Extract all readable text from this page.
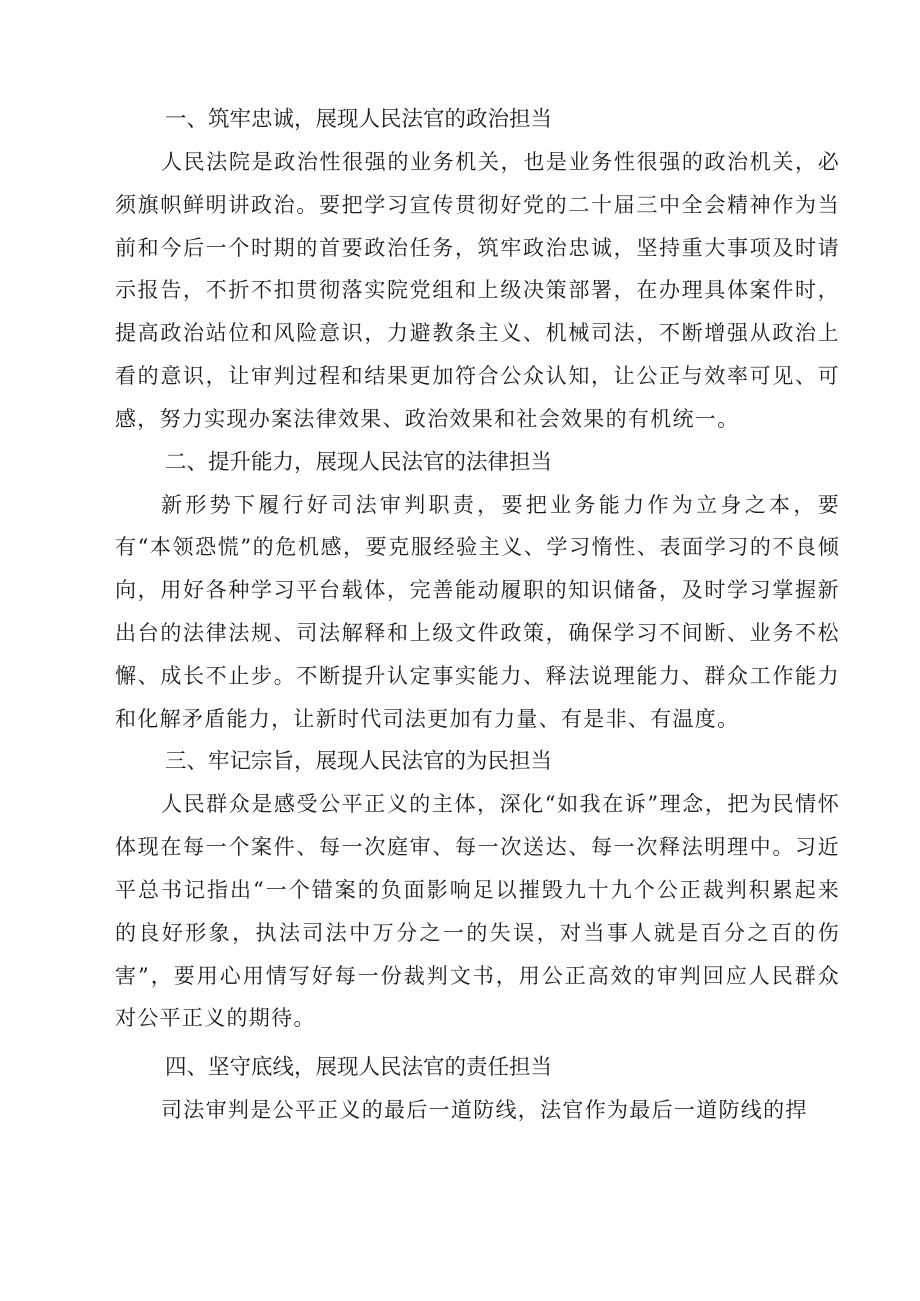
一、筑牢忠诚，展现人民法官的政治担当

人民法院是政治性很强的业务机关，也是业务性很强的政治机关，必须旗帜鲜明讲政治。要把学习宣传贯彻好党的二十届三中全会精神作为当前和今后一个时期的首要政治任务，筑牢政治忠诚，坚持重大事项及时请示报告，不折不扣贯彻落实院党组和上级决策部署，在办理具体案件时，提高政治站位和风险意识，力避教条主义、机械司法，不断增强从政治上看的意识，让审判过程和结果更加符合公众认知，让公正与效率可见、可感，努力实现办案法律效果、政治效果和社会效果的有机统一。

二、提升能力，展现人民法官的法律担当

新形势下履行好司法审判职责，要把业务能力作为立身之本，要有“本领恐慌”的危机感，要克服经验主义、学习惰性、表面学习的不良倾向，用好各种学习平台载体，完善能动履职的知识储备，及时学习掌握新出台的法律法规、司法解释和上级文件政策，确保学习不间断、业务不松懈、成长不止步。不断提升认定事实能力、释法说理能力、群众工作能力和化解矛盾能力，让新时代司法更加有力量、有是非、有温度。

三、牢记宗旨，展现人民法官的为民担当

人民群众是感受公平正义的主体，深化“如我在诉”理念，把为民情怀体现在每一个案件、每一次庭审、每一次送达、每一次释法明理中。习近平总书记指出“一个错案的负面影响足以摧毁九十九个公正裁判积累起来的良好形象，执法司法中万分之一的失误，对当事人就是百分之百的伤害”，要用心用情写好每一份裁判文书，用公正高效的审判回应人民群众对公平正义的期待。

四、坚守底线，展现人民法官的责任担当

司法审判是公平正义的最后一道防线，法官作为最后一道防线的捍
